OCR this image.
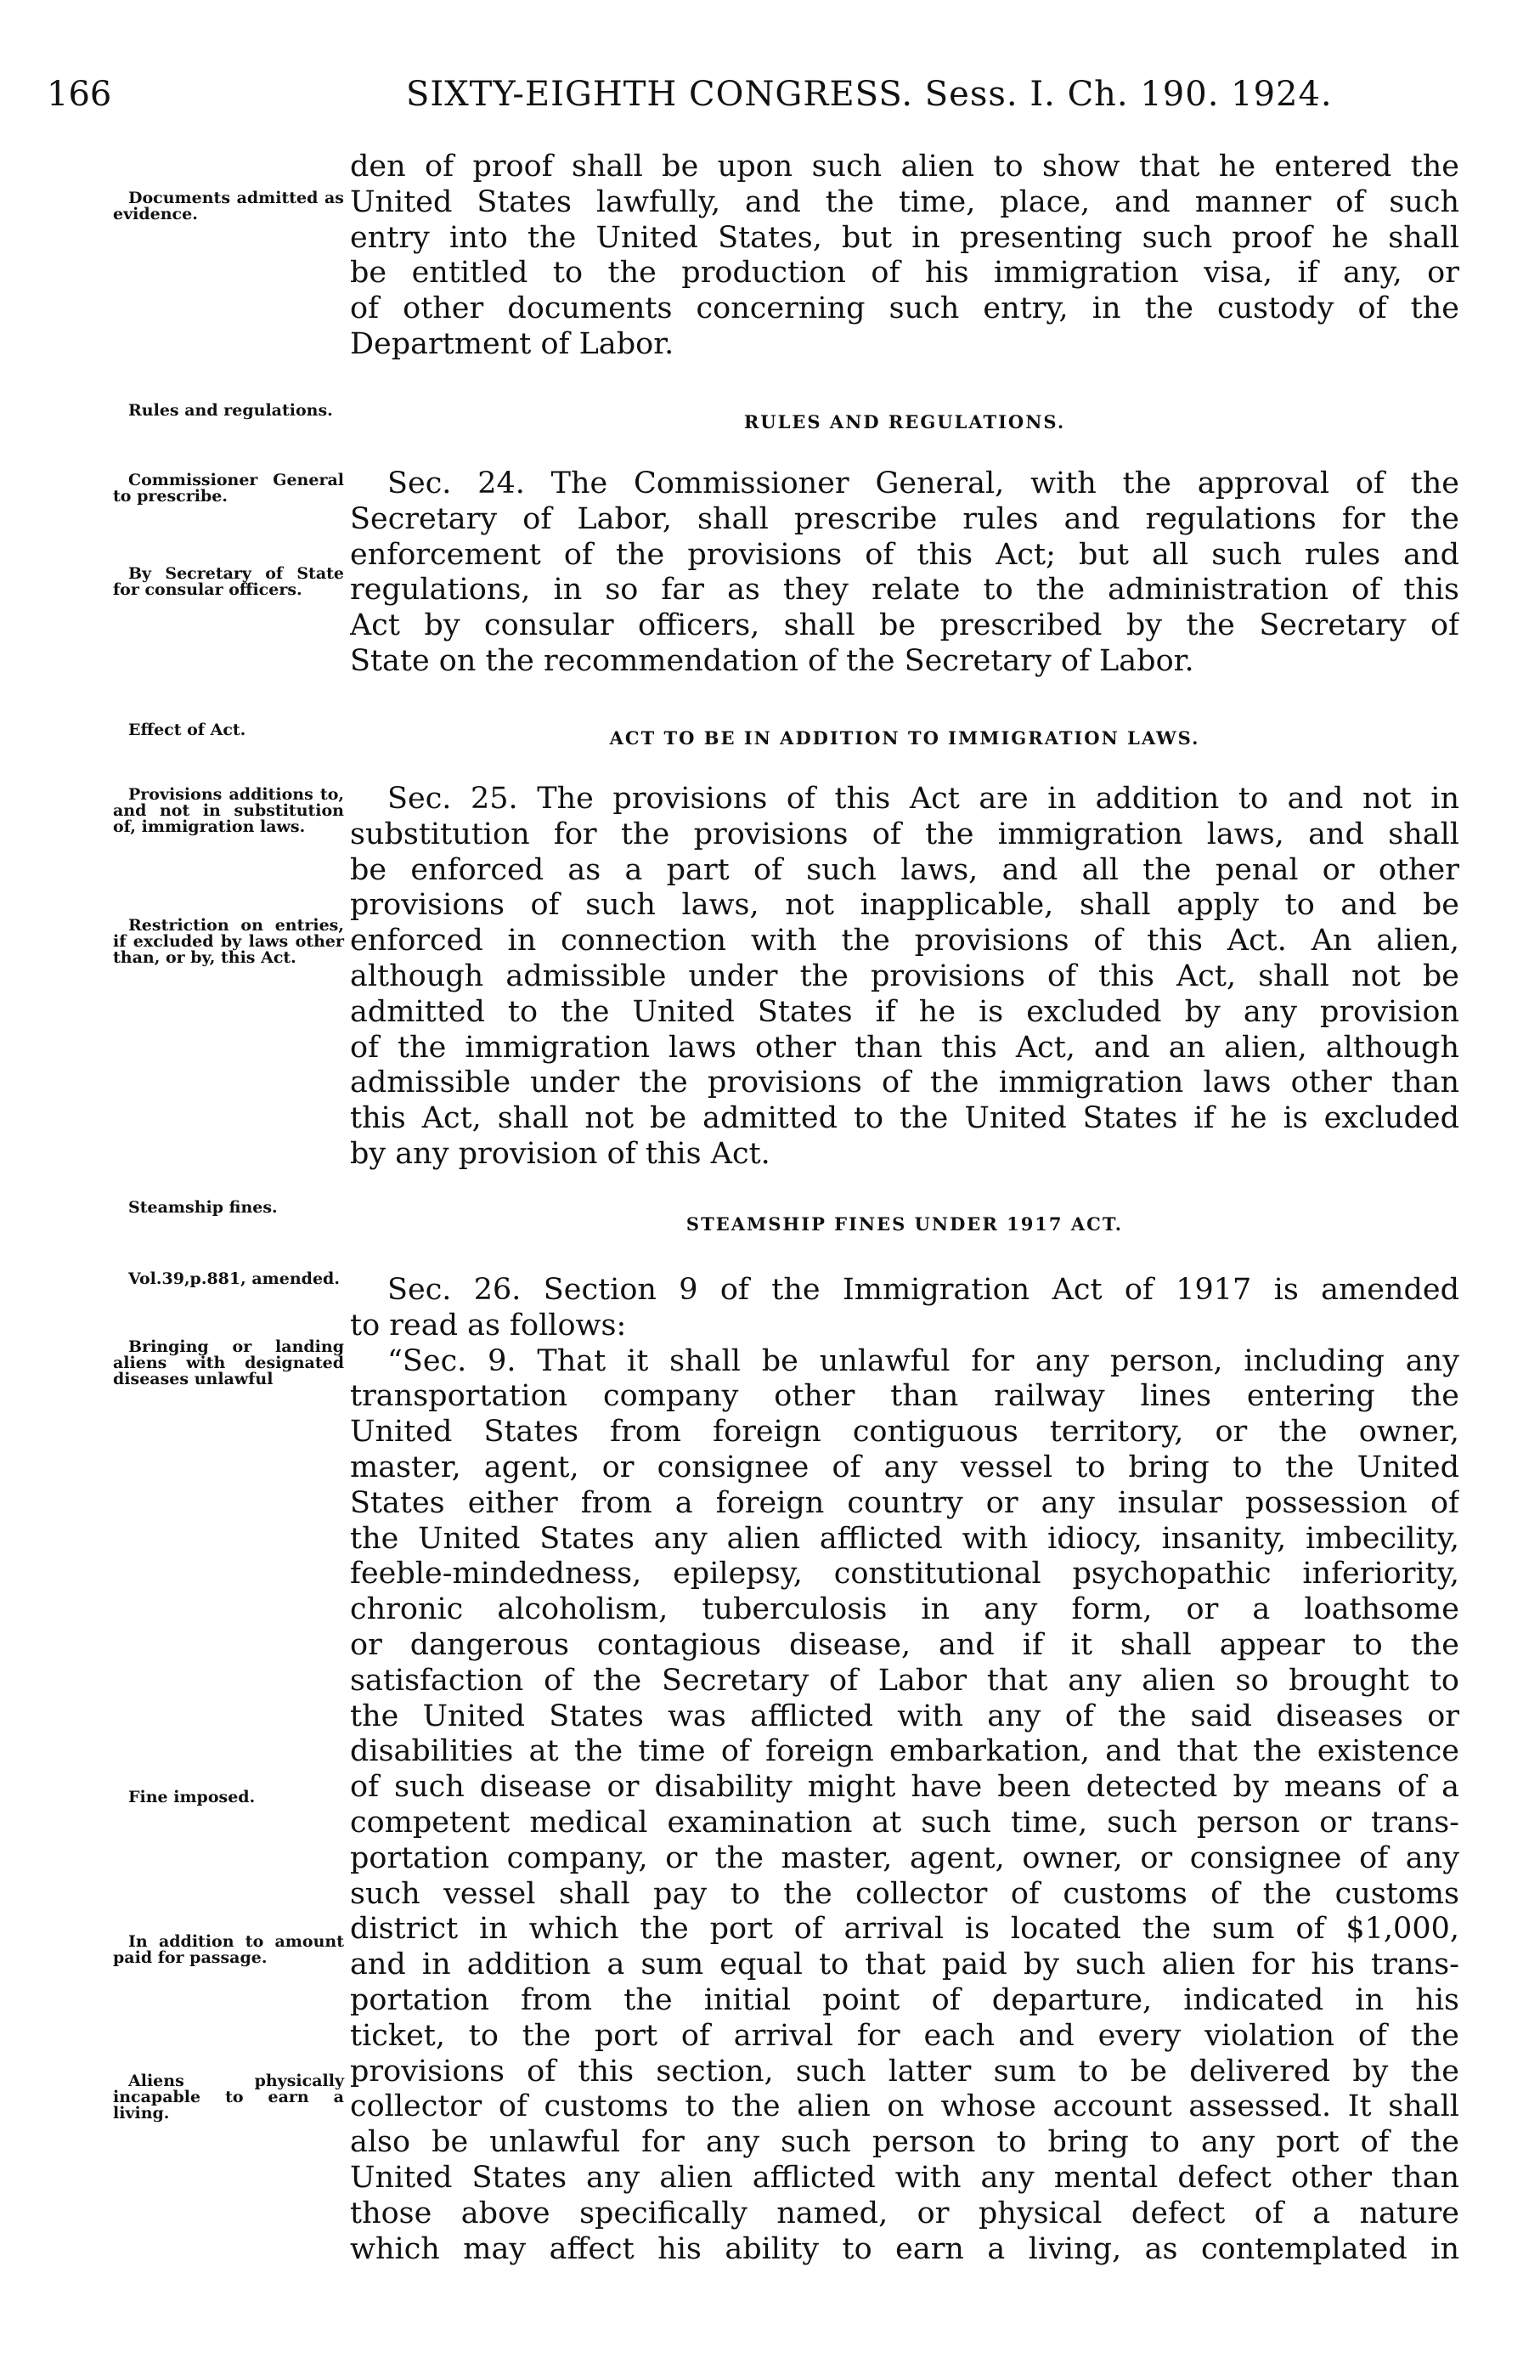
166	SIXTY-EIGHTH CONGRESS. Sess. I. Ch. 190. 1924.
Documents admitted as evidence.
Rules and regulations.
Commissioner General to prescribe.
By Secretary of State for consular officers.
Effect of Act.
Provisions additions to, and not in substitution of, immigration laws.
Restriction on entries, if excluded by laws other than, or by, this Act.
Steamship fines.
Vol.39,p.881, amended.
Bringing or landing aliens with designated diseases unlawful
Fine imposed.
In addition to amount paid for passage.
Aliens physically incapable to earn a living.
RULES AND REGULATIONS.
ACT TO BE IN ADDITION TO IMMIGRATION LAWS.
STEAMSHIP FINES UNDER 1917 ACT.
den of proof shall be upon such alien to show that he entered the
United States lawfully, and the time, place, and manner of such
entry into the United States, but in presenting such proof he shall
be entitled to the production of his immigration visa, if any, or
of other documents concerning such entry, in the custody of the
Department of Labor.
Sec. 24. The Commissioner General, with the approval of the
Secretary of Labor, shall prescribe rules and regulations for the
enforcement of the provisions of this Act; but all such rules and
regulations, in so far as they relate to the administration of this
Act by consular officers, shall be prescribed by the Secretary of
State on the recommendation of the Secretary of Labor.
Sec. 25. The provisions of this Act are in addition to and not in
substitution for the provisions of the immigration laws, and shall
be enforced as a part of such laws, and all the penal or other
provisions of such laws, not inapplicable, shall apply to and be
enforced in connection with the provisions of this Act. An alien,
although admissible under the provisions of this Act, shall not be
admitted to the United States if he is excluded by any provision
of the immigration laws other than this Act, and an alien, although
admissible under the provisions of the immigration laws other than
this Act, shall not be admitted to the United States if he is excluded
by any provision of this Act.
Sec. 26. Section 9 of the Immigration Act of 1917 is amended
to read as follows:
“Sec. 9. That it shall be unlawful for any person, including any
transportation company other than railway lines entering the
United States from foreign contiguous territory, or the owner,
master, agent, or consignee of any vessel to bring to the United
States either from a foreign country or any insular possession of
the United States any alien afflicted with idiocy, insanity, imbecility,
feeble-mindedness, epilepsy, constitutional psychopathic inferiority,
chronic alcoholism, tuberculosis in any form, or a loathsome
or dangerous contagious disease, and if it shall appear to the
satisfaction of the Secretary of Labor that any alien so brought to
the United States was afflicted with any of the said diseases or
disabilities at the time of foreign embarkation, and that the existence
of such disease or disability might have been detected by means of a
competent medical examination at such time, such person or trans-
portation company, or the master, agent, owner, or consignee of any
such vessel shall pay to the collector of customs of the customs
district in which the port of arrival is located the sum of $1,000,
and in addition a sum equal to that paid by such alien for his trans-
portation from the initial point of departure, indicated in his
ticket, to the port of arrival for each and every violation of the
provisions of this section, such latter sum to be delivered by the
collector of customs to the alien on whose account assessed. It shall
also be unlawful for any such person to bring to any port of the
United States any alien afflicted with any mental defect other than
those above specifically named, or physical defect of a nature
which may affect his ability to earn a living, as contemplated in
